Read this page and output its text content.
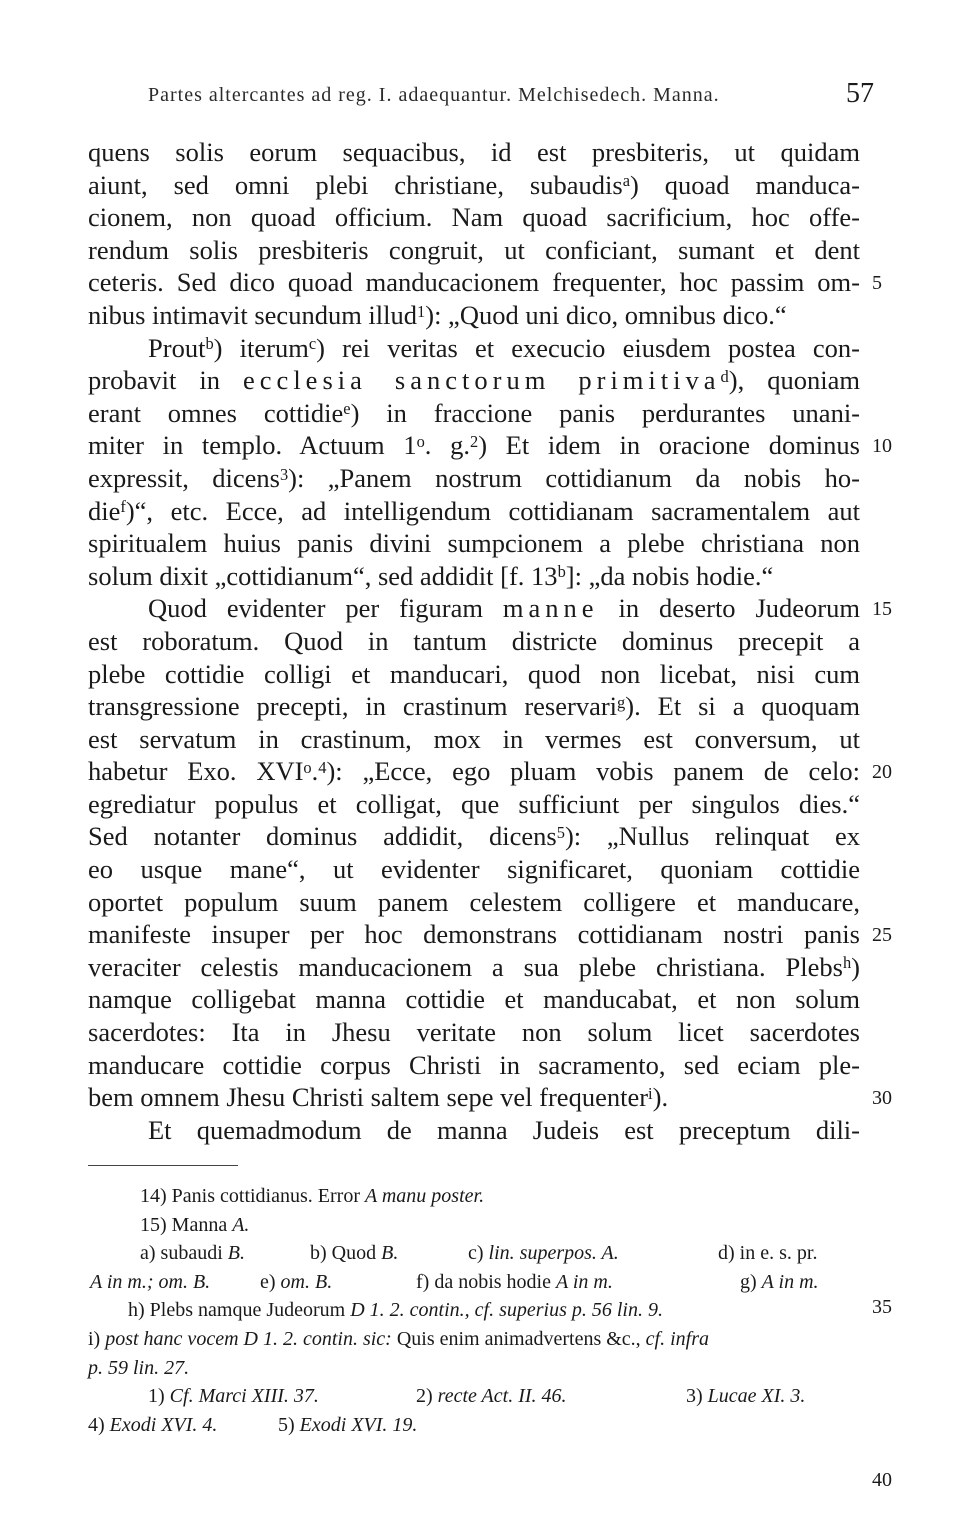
Partes altercantes ad reg. I. adaequantur. Melchisedech. Manna.	57
quens solis eorum sequacibus, id est presbiteris, ut quidam
aiunt, sed omni plebi christiane, subaudis$^a$) quoad manduca-
cionem, non quoad officium. Nam quoad sacrificium, hoc offe-
rendum solis presbiteris congruit, ut conficiant, sumant et dent
ceteris. Sed dico quoad manducacionem frequenter, hoc passim om-
nibus intimavit secundum illud$^1$): „Quod uni dico, omnibus dico.“
Prout$^b$) iterum$^c$) rei veritas et execucio eiusdem postea con-
probavit in ecclesia sanctorum primitiva$^d$), quoniam
erant omnes cottidie$^e$) in fraccione panis perdurantes unani-
miter in templo. Actuum 1$^o$. g.$^2$) Et idem in oracione dominus
expressit, dicens$^3$): „Panem nostrum cottidianum da nobis ho-
die$^f$)“, etc. Ecce, ad intelligendum cottidianam sacramentalem aut
spiritualem huius panis divini sumpcionem a plebe christiana non
solum dixit „cottidianum“, sed addidit [f. 13$^b$]: „da nobis hodie.“
Quod evidenter per figuram manne in deserto Judeorum
est roboratum. Quod in tantum districte dominus precepit a
plebe cottidie colligi et manducari, quod non licebat, nisi cum
transgressione precepti, in crastinum reservari$^g$). Et si a quoquam
est servatum in crastinum, mox in vermes est conversum, ut
habetur Exo. XVI$^o$.$^4$): „Ecce, ego pluam vobis panem de celo:
egrediatur populus et colligat, que sufficiunt per singulos dies.“
Sed notanter dominus addidit, dicens$^5$): „Nullus relinquat ex
eo usque mane“, ut evidenter significaret, quoniam cottidie
oportet populum suum panem celestem colligere et manducare,
manifeste insuper per hoc demonstrans cottidianam nostri panis
veraciter celestis manducacionem a sua plebe christiana. Plebs$^h$)
namque colligebat manna cottidie et manducabat, et non solum
sacerdotes: Ita in Jhesu veritate non solum licet sacerdotes
manducare cottidie corpus Christi in sacramento, sed eciam ple-
bem omnem Jhesu Christi saltem sepe vel frequenter$^i$).
Et quemadmodum de manna Judeis est preceptum dili-
5
10
15
20
25
30
35
40
14) Panis cottidianus. Error A manu poster.
15) Manna A.
a) subaudi B.	b) Quod B.	c) lin. superpos. A.	d) in e. s. pr.
A in m.; om. B. e) om. B.	f) da nobis hodie A in m.	g) A in m.
h) Plebs namque Judeorum D 1. 2. contin., cf. superius p. 56 lin. 9.
i) post hanc vocem D 1. 2. contin. sic: Quis enim animadvertens &c., cf. infra
p. 59 lin. 27.
1) Cf. Marci XIII. 37.	2) recte Act. II. 46.	3) Lucae XI. 3.
4) Exodi XVI. 4.	5) Exodi XVI. 19.
